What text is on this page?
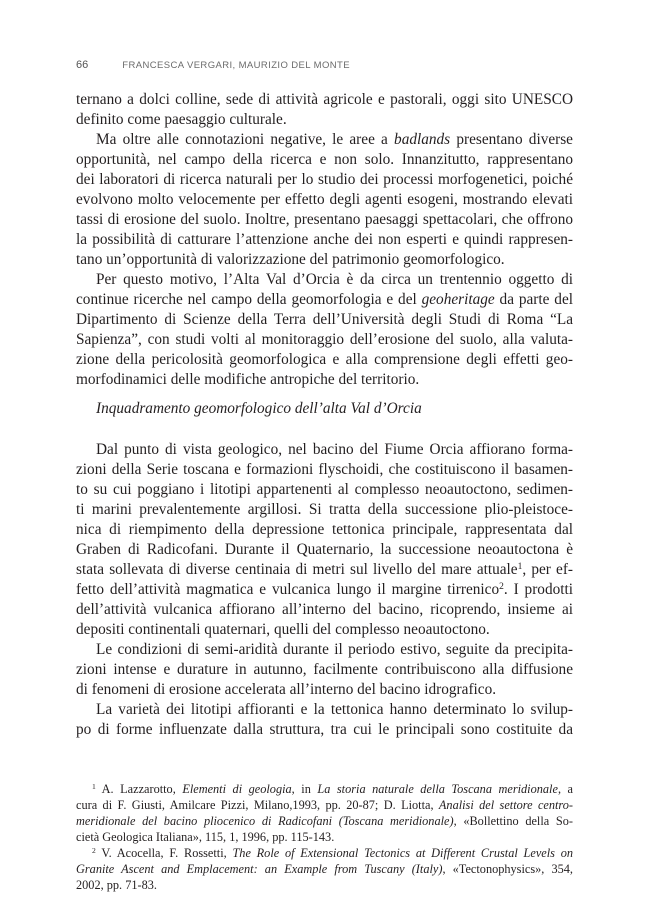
66	FRANCESCA VERGARI, MAURIZIO DEL MONTE
ternano a dolci colline, sede di attività agricole e pastorali, oggi sito UNESCO
definito come paesaggio culturale.
Ma oltre alle connotazioni negative, le aree a badlands presentano diverse
opportunità, nel campo della ricerca e non solo. Innanzitutto, rappresentano
dei laboratori di ricerca naturali per lo studio dei processi morfogenetici, poiché
evolvono molto velocemente per effetto degli agenti esogeni, mostrando elevati
tassi di erosione del suolo. Inoltre, presentano paesaggi spettacolari, che offrono
la possibilità di catturare l’attenzione anche dei non esperti e quindi rappresen-
tano un’opportunità di valorizzazione del patrimonio geomorfologico.
Per questo motivo, l’Alta Val d’Orcia è da circa un trentennio oggetto di
continue ricerche nel campo della geomorfologia e del geoheritage da parte del
Dipartimento di Scienze della Terra dell’Università degli Studi di Roma “La
Sapienza”, con studi volti al monitoraggio dell’erosione del suolo, alla valuta-
zione della pericolosità geomorfologica e alla comprensione degli effetti geo-
morfodinamici delle modifiche antropiche del territorio.
Inquadramento geomorfologico dell’alta Val d’Orcia
Dal punto di vista geologico, nel bacino del Fiume Orcia affiorano forma-
zioni della Serie toscana e formazioni flyschoidi, che costituiscono il basamen-
to su cui poggiano i litotipi appartenenti al complesso neoautoctono, sedimen-
ti marini prevalentemente argillosi. Si tratta della successione plio-pleistoce-
nica di riempimento della depressione tettonica principale, rappresentata dal
Graben di Radicofani. Durante il Quaternario, la successione neoautoctona è
stata sollevata di diverse centinaia di metri sul livello del mare attuale$^1$, per ef-
fetto dell’attività magmatica e vulcanica lungo il margine tirrenico$^2$. I prodotti
dell’attività vulcanica affiorano all’interno del bacino, ricoprendo, insieme ai
depositi continentali quaternari, quelli del complesso neoautoctono.
Le condizioni di semi-aridità durante il periodo estivo, seguite da precipita-
zioni intense e durature in autunno, facilmente contribuiscono alla diffusione
di fenomeni di erosione accelerata all’interno del bacino idrografico.
La varietà dei litotipi affioranti e la tettonica hanno determinato lo svilup-
po di forme influenzate dalla struttura, tra cui le principali sono costituite da
$^1$ A. Lazzarotto, Elementi di geologia, in La storia naturale della Toscana meridionale, a
cura di F. Giusti, Amilcare Pizzi, Milano,1993, pp. 20-87; D. Liotta, Analisi del settore centro-
meridionale del bacino pliocenico di Radicofani (Toscana meridionale), «Bollettino della So-
cietà Geologica Italiana», 115, 1, 1996, pp. 115-143.
$^2$ V. Acocella, F. Rossetti, The Role of Extensional Tectonics at Different Crustal Levels on
Granite Ascent and Emplacement: an Example from Tuscany (Italy), «Tectonophysics», 354,
2002, pp. 71-83.
